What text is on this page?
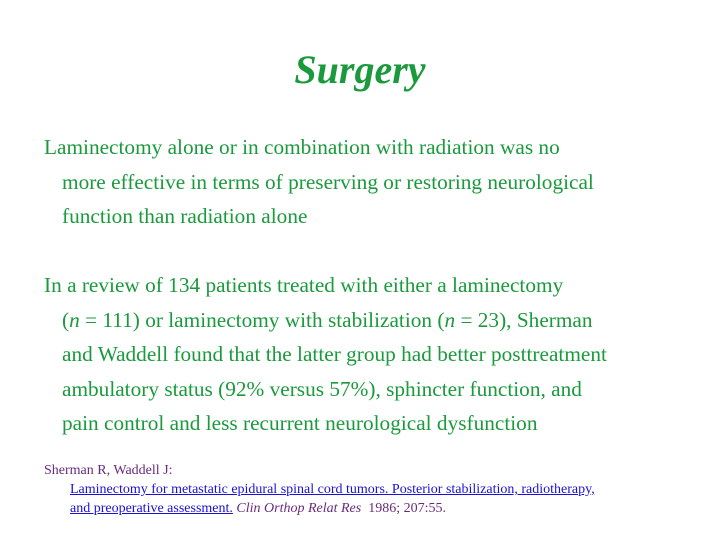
Surgery

Laminectomy alone or in combination with radiation was no
more effective in terms of preserving or restoring neurological
function than radiation alone

In a review of 134 patients treated with either a laminectomy
(n = 111) or laminectomy with stabilization (n = 23), Sherman
and Waddell found that the latter group had better posttreatment
ambulatory status (92% versus 57%), sphincter function, and
pain control and less recurrent neurological dysfunction

Sherman R, Waddell J:
Laminectomy for metastatic epidural spinal cord tumors. Posterior stabilization, radiotherapy,
and preoperative assessment. Clin Orthop Relat Res 1986; 207:55.
